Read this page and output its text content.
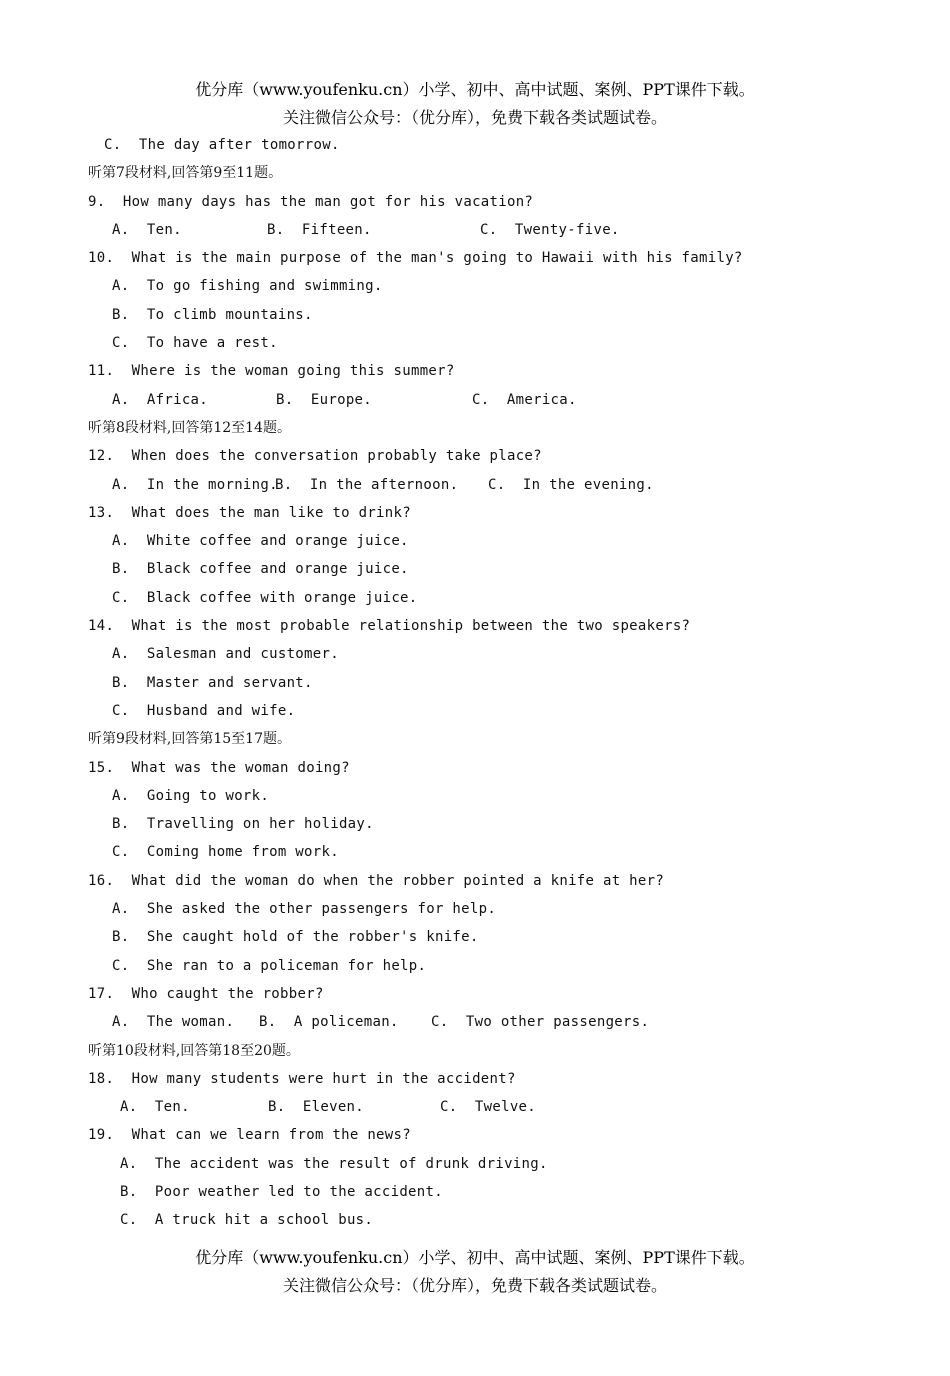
优分库（www.youfenku.cn）小学、初中、高中试题、案例、PPT课件下载。
关注微信公众号：（优分库），免费下载各类试题试卷。
C.  The day after tomorrow.
听第7段材料,回答第9至11题。
9.  How many days has the man got for his vacation?
A.  Ten.	B.  Fifteen.	C.  Twenty-five.
10.  What is the main purpose of the man's going to Hawaii with his family?
A.  To go fishing and swimming.
B.  To climb mountains.
C.  To have a rest.
11.  Where is the woman going this summer?
A.  Africa.	B.  Europe.	C.  America.
听第8段材料,回答第12至14题。
12.  When does the conversation probably take place?
A.  In the morning.B.  In the afternoon. C.  In the evening.
13.  What does the man like to drink?
A.  White coffee and orange juice.
B.  Black coffee and orange juice.
C.  Black coffee with orange juice.
14.  What is the most probable relationship between the two speakers?
A.  Salesman and customer.
B.  Master and servant.
C.  Husband and wife.
听第9段材料,回答第15至17题。
15.  What was the woman doing?
A.  Going to work.
B.  Travelling on her holiday.
C.  Coming home from work.
16.  What did the woman do when the robber pointed a knife at her?
A.  She asked the other passengers for help.
B.  She caught hold of the robber's knife.
C.  She ran to a policeman for help.
17.  Who caught the robber?
A.  The woman. B.  A policeman. C.  Two other passengers.
听第10段材料,回答第18至20题。
18.  How many students were hurt in the accident?
A.  Ten.	B.  Eleven.	C.  Twelve.
19.  What can we learn from the news?
A.  The accident was the result of drunk driving.
B.  Poor weather led to the accident.
C.  A truck hit a school bus.
优分库（www.youfenku.cn）小学、初中、高中试题、案例、PPT课件下载。
关注微信公众号：（优分库），免费下载各类试题试卷。
